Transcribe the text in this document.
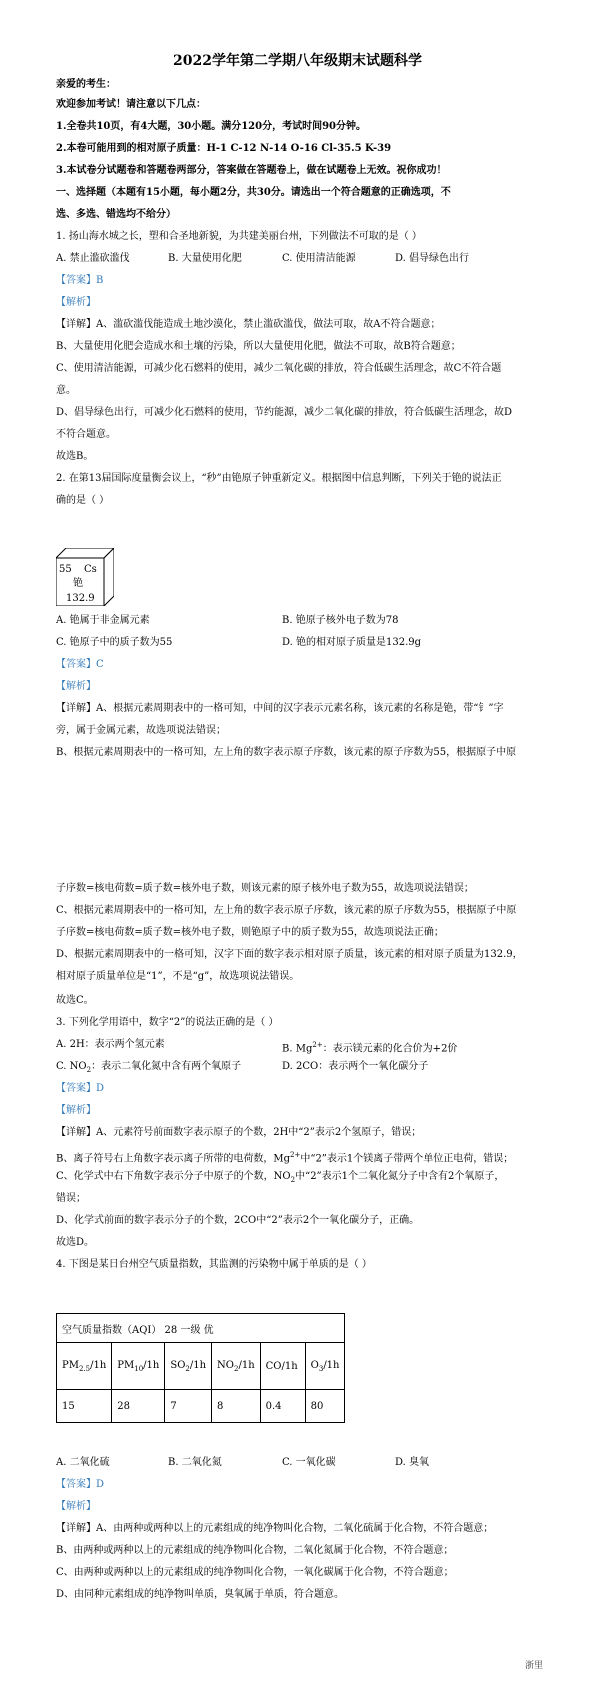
2022学年第二学期八年级期末试题科学
亲爱的考生：
欢迎参加考试！请注意以下几点：
1.全卷共10页，有4大题，30小题。满分120分，考试时间90分钟。
2.本卷可能用到的相对原子质量：H-1 C-12 N-14 O-16 Cl-35.5 K-39
3.本试卷分试题卷和答题卷两部分，答案做在答题卷上，做在试题卷上无效。祝你成功！
一、选择题（本题有15小题，每小题2分，共30分。请选出一个符合题意的正确选项，不
选、多选、错选均不给分）
1. 扬山海水城之长，塑和合圣地新貌，为共建美丽台州，下列做法不可取的是（ ）
A. 禁止滥砍滥伐	B. 大量使用化肥	C. 使用清洁能源	D. 倡导绿色出行
【答案】B
【解析】
【详解】A、滥砍滥伐能造成土地沙漠化，禁止滥砍滥伐，做法可取，故A不符合题意；
B、大量使用化肥会造成水和土壤的污染，所以大量使用化肥，做法不可取，故B符合题意；
C、使用清洁能源，可减少化石燃料的使用，减少二氧化碳的排放，符合低碳生活理念，故C不符合题
意。
D、倡导绿色出行，可减少化石燃料的使用，节约能源，减少二氧化碳的排放，符合低碳生活理念，故D
不符合题意。
故选B。
2. 在第13届国际度量衡会议上，“秒”由铯原子钟重新定义。根据图中信息判断，下列关于铯的说法正
确的是（ ）
55 Cs
铯
132.9
A. 铯属于非金属元素	B. 铯原子核外电子数为78
C. 铯原子中的质子数为55	D. 铯的相对原子质量是132.9g
【答案】C
【解析】
【详解】A、根据元素周期表中的一格可知，中间的汉字表示元素名称，该元素的名称是铯，带“钅”字
旁，属于金属元素，故选项说法错误；
B、根据元素周期表中的一格可知，左上角的数字表示原子序数，该元素的原子序数为55，根据原子中原
子序数=核电荷数=质子数=核外电子数，则该元素的原子核外电子数为55，故选项说法错误；
C、根据元素周期表中的一格可知，左上角的数字表示原子序数，该元素的原子序数为55，根据原子中原
子序数=核电荷数=质子数=核外电子数，则铯原子中的质子数为55，故选项说法正确；
D、根据元素周期表中的一格可知，汉字下面的数字表示相对原子质量，该元素的相对原子质量为132.9，
相对原子质量单位是“1”，不是“g”，故选项说法错误。
故选C。
3. 下列化学用语中，数字“2”的说法正确的是（ ）
A. 2H：表示两个氢元素	B. $Mg^{2+}$：表示镁元素的化合价为+2价
C. $NO_2$：表示二氧化氮中含有两个氧原子	D. 2CO：表示两个一氧化碳分子
【答案】D
【解析】
【详解】A、元素符号前面数字表示原子的个数，2H中“2”表示2个氢原子，错误；
B、离子符号右上角数字表示离子所带的电荷数，$Mg^{2+}$中“2”表示1个镁离子带两个单位正电荷，错误；
C、化学式中右下角数字表示分子中原子的个数，$NO_2$中“2”表示1个二氧化氮分子中含有2个氧原子，
错误；
D、化学式前面的数字表示分子的个数，2CO中“2”表示2个一氧化碳分子，正确。
故选D。
4. 下图是某日台州空气质量指数，其监测的污染物中属于单质的是（ ）
空气质量指数（AQI） 28 一级 优					
$PM_{2.5}/1h$	$PM_{10}/1h$	$SO_2/1h$	$NO_2/1h$	CO/1h	$O_3/1h$
15	28	7	8	0.4	80
A. 二氧化硫	B. 二氧化氮	C. 一氧化碳	D. 臭氧
【答案】D
【解析】
【详解】A、由两种或两种以上的元素组成的纯净物叫化合物，二氧化硫属于化合物，不符合题意；
B、由两种或两种以上的元素组成的纯净物叫化合物，二氧化氮属于化合物，不符合题意；
C、由两种或两种以上的元素组成的纯净物叫化合物，一氧化碳属于化合物，不符合题意；
D、由同种元素组成的纯净物叫单质，臭氧属于单质，符合题意。
浙里
